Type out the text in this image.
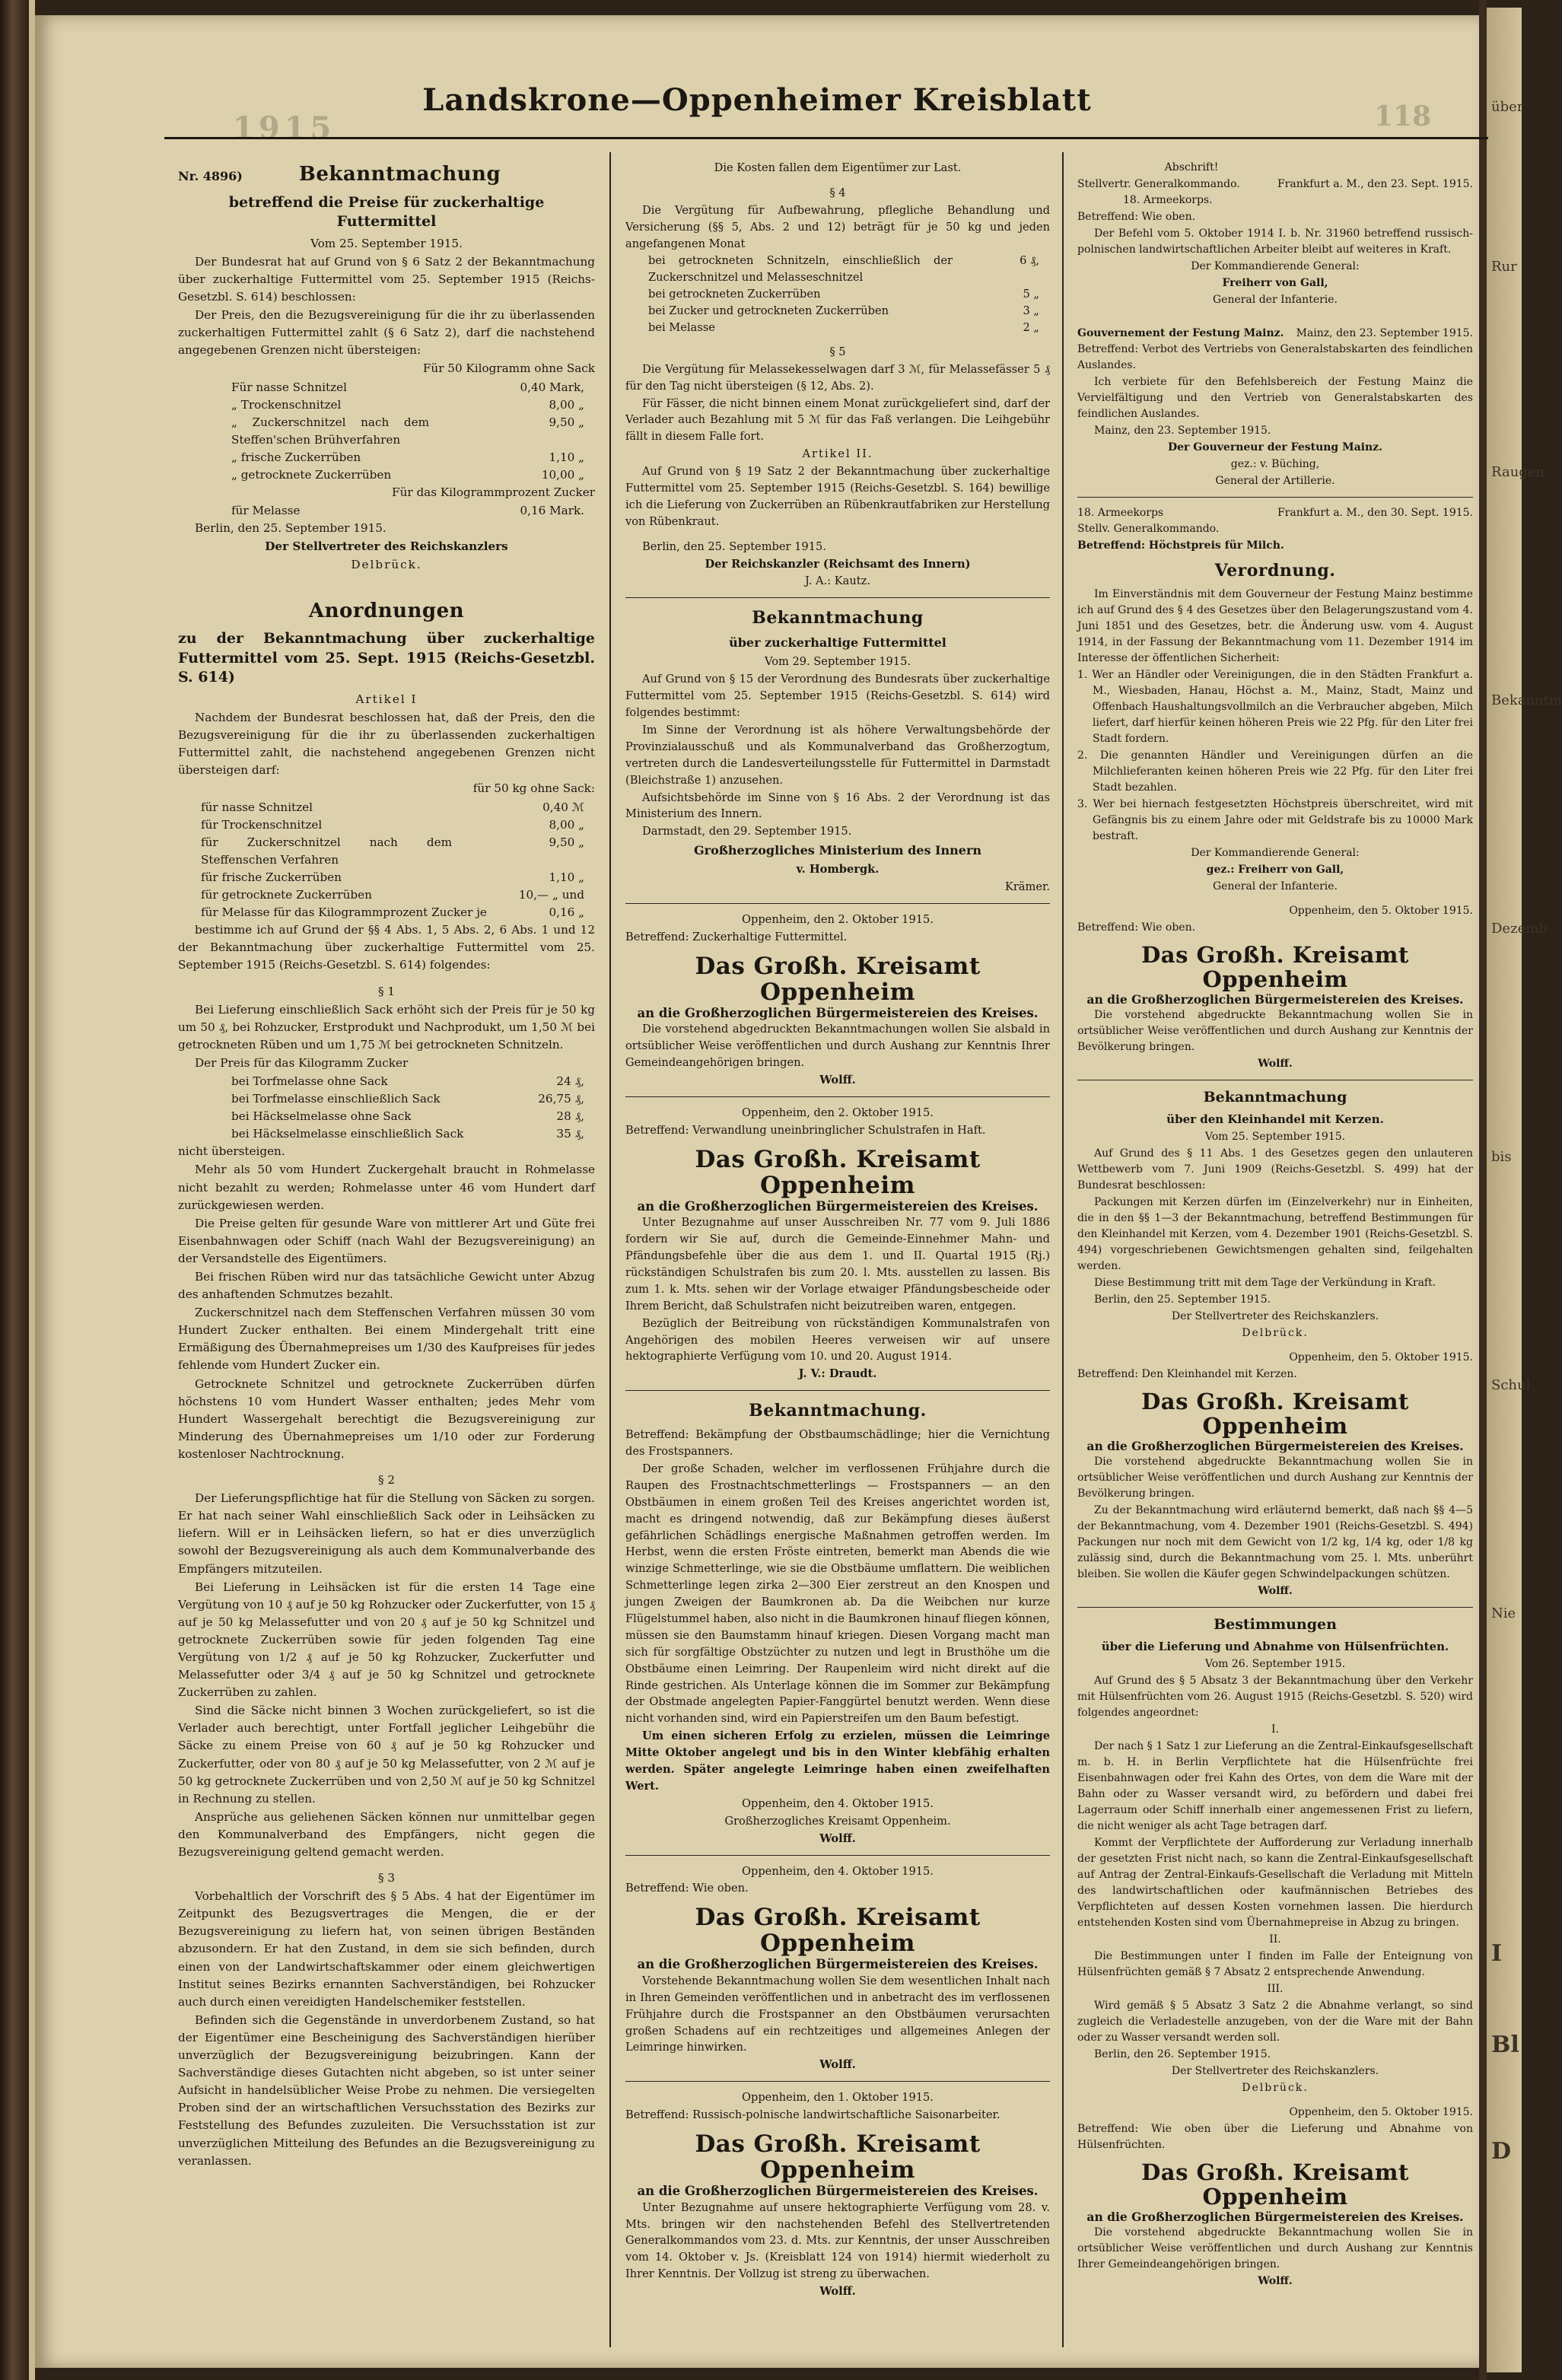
über
Rur
Raugen
Bekanntm
Dezemb
bis
Schul
Nie
I
Bl
D
1915	118
Landskrone—Oppenheimer Kreisblatt
Nr. 4896)	Bekanntmachung
betreffend die Preise für zuckerhaltige Futtermittel

Vom 25. September 1915.

Der Bundesrat hat auf Grund von § 6 Satz 2 der Bekanntmachung über zuckerhaltige Futtermittel vom 25. September 1915 (Reichs-Gesetzbl. S. 614) beschlossen:

Der Preis, den die Bezugsvereinigung für die ihr zu überlassenden zuckerhaltigen Futtermittel zahlt (§ 6 Satz 2), darf die nachstehend angegebenen Grenzen nicht übersteigen:

Für 50 Kilogramm ohne Sack

Für nasse Schnitzel	0,40 Mark,
„ Trockenschnitzel	8,00 „
„ Zuckerschnitzel nach dem Steffen'schen Brühverfahren
9,50 „
„ frische Zuckerrüben	1,10 „
„ getrocknete Zuckerrüben	10,00 „

Für das Kilogrammprozent Zucker

für Melasse	0,16 Mark.

Berlin, den 25. September 1915.

Der Stellvertreter des Reichskanzlers

Delbrück.

Anordnungen
zu der Bekanntmachung über zuckerhaltige Futtermittel vom 25. Sept. 1915 (Reichs-Gesetzbl. S. 614)

Artikel I

Nachdem der Bundesrat beschlossen hat, daß der Preis, den die Bezugsvereinigung für die ihr zu überlassenden zuckerhaltigen Futtermittel zahlt, die nachstehend angegebenen Grenzen nicht übersteigen darf:

für 50 kg ohne Sack:

für nasse Schnitzel	0,40 ℳ
für Trockenschnitzel	8,00 „
für Zuckerschnitzel nach dem Steffenschen Verfahren
9,50 „
für frische Zuckerrüben	1,10 „
für getrocknete Zuckerrüben	10,— „ und
für Melasse für das Kilogrammprozent Zucker je	0,16 „

bestimme ich auf Grund der §§ 4 Abs. 1, 5 Abs. 2, 6 Abs. 1 und 12 der Bekanntmachung über zuckerhaltige Futtermittel vom 25. September 1915 (Reichs-Gesetzbl. S. 614) folgendes:

§ 1

Bei Lieferung einschließlich Sack erhöht sich der Preis für je 50 kg um 50 ₰, bei Rohzucker, Erstprodukt und Nachprodukt, um 1,50 ℳ bei getrockneten Rüben und um 1,75 ℳ bei getrockneten Schnitzeln.

Der Preis für das Kilogramm Zucker

bei Torfmelasse ohne Sack	24 ₰,
bei Torfmelasse einschließlich Sack	26,75 ₰,
bei Häckselmelasse ohne Sack	28 ₰,
bei Häckselmelasse einschließlich Sack	35 ₰,

nicht übersteigen.

Mehr als 50 vom Hundert Zuckergehalt braucht in Rohmelasse nicht bezahlt zu werden; Rohmelasse unter 46 vom Hundert darf zurückgewiesen werden.

Die Preise gelten für gesunde Ware von mittlerer Art und Güte frei Eisenbahnwagen oder Schiff (nach Wahl der Bezugsvereinigung) an der Versandstelle des Eigentümers.

Bei frischen Rüben wird nur das tatsächliche Gewicht unter Abzug des anhaftenden Schmutzes bezahlt.

Zuckerschnitzel nach dem Steffenschen Verfahren müssen 30 vom Hundert Zucker enthalten. Bei einem Mindergehalt tritt eine Ermäßigung des Übernahmepreises um 1/30 des Kaufpreises für jedes fehlende vom Hundert Zucker ein.

Getrocknete Schnitzel und getrocknete Zuckerrüben dürfen höchstens 10 vom Hundert Wasser enthalten; jedes Mehr vom Hundert Wassergehalt berechtigt die Bezugsvereinigung zur Minderung des Übernahmepreises um 1/10 oder zur Forderung kostenloser Nachtrocknung.

§ 2

Der Lieferungspflichtige hat für die Stellung von Säcken zu sorgen. Er hat nach seiner Wahl einschließlich Sack oder in Leihsäcken zu liefern. Will er in Leihsäcken liefern, so hat er dies unverzüglich sowohl der Bezugsvereinigung als auch dem Kommunalverbande des Empfängers mitzuteilen.

Bei Lieferung in Leihsäcken ist für die ersten 14 Tage eine Vergütung von 10 ₰ auf je 50 kg Rohzucker oder Zuckerfutter, von 15 ₰ auf je 50 kg Melassefutter und von 20 ₰ auf je 50 kg Schnitzel und getrocknete Zuckerrüben sowie für jeden folgenden Tag eine Vergütung von 1/2 ₰ auf je 50 kg Rohzucker, Zuckerfutter und Melassefutter oder 3/4 ₰ auf je 50 kg Schnitzel und getrocknete Zuckerrüben zu zahlen.

Sind die Säcke nicht binnen 3 Wochen zurückgeliefert, so ist die Verlader auch berechtigt, unter Fortfall jeglicher Leihgebühr die Säcke zu einem Preise von 60 ₰ auf je 50 kg Rohzucker und Zuckerfutter, oder von 80 ₰ auf je 50 kg Melassefutter, von 2 ℳ auf je 50 kg getrocknete Zuckerrüben und von 2,50 ℳ auf je 50 kg Schnitzel in Rechnung zu stellen.

Ansprüche aus geliehenen Säcken können nur unmittelbar gegen den Kommunalverband des Empfängers, nicht gegen die Bezugsvereinigung geltend gemacht werden.

§ 3

Vorbehaltlich der Vorschrift des § 5 Abs. 4 hat der Eigentümer im Zeitpunkt des Bezugsvertrages die Mengen, die er der Bezugsvereinigung zu liefern hat, von seinen übrigen Beständen abzusondern. Er hat den Zustand, in dem sie sich befinden, durch einen von der Landwirtschaftskammer oder einem gleichwertigen Institut seines Bezirks ernannten Sachverständigen, bei Rohzucker auch durch einen vereidigten Handelschemiker feststellen.

Befinden sich die Gegenstände in unverdorbenem Zustand, so hat der Eigentümer eine Bescheinigung des Sachverständigen hierüber unverzüglich der Bezugsvereinigung beizubringen. Kann der Sachverständige dieses Gutachten nicht abgeben, so ist unter seiner Aufsicht in handelsüblicher Weise Probe zu nehmen. Die versiegelten Proben sind der an wirtschaftlichen Versuchsstation des Bezirks zur Feststellung des Befundes zuzuleiten. Die Versuchsstation ist zur unverzüglichen Mitteilung des Befundes an die Bezugsvereinigung zu veranlassen.

Die Kosten fallen dem Eigentümer zur Last.

§ 4

Die Vergütung für Aufbewahrung, pflegliche Behandlung und Versicherung (§§ 5, Abs. 2 und 12) beträgt für je 50 kg und jeden angefangenen Monat

bei getrockneten Schnitzeln, einschließlich der Zuckerschnitzel und Melasseschnitzel
6 ₰,
bei getrockneten Zuckerrüben	5 „
bei Zucker und getrockneten Zuckerrüben	3 „
bei Melasse	2 „

§ 5

Die Vergütung für Melassekesselwagen darf 3 ℳ, für Melassefässer 5 ₰ für den Tag nicht übersteigen (§ 12, Abs. 2).

Für Fässer, die nicht binnen einem Monat zurückgeliefert sind, darf der Verlader auch Bezahlung mit 5 ℳ für das Faß verlangen. Die Leihgebühr fällt in diesem Falle fort.

Artikel II.

Auf Grund von § 19 Satz 2 der Bekanntmachung über zuckerhaltige Futtermittel vom 25. September 1915 (Reichs-Gesetzbl. S. 164) bewillige ich die Lieferung von Zuckerrüben an Rübenkrautfabriken zur Herstellung von Rübenkraut.

Berlin, den 25. September 1915.

Der Reichskanzler (Reichsamt des Innern)

J. A.: Kautz.

Bekanntmachung
über zuckerhaltige Futtermittel

Vom 29. September 1915.

Auf Grund von § 15 der Verordnung des Bundesrats über zuckerhaltige Futtermittel vom 25. September 1915 (Reichs-Gesetzbl. S. 614) wird folgendes bestimmt:

Im Sinne der Verordnung ist als höhere Verwaltungsbehörde der Provinzialausschuß und als Kommunalverband das Großherzogtum, vertreten durch die Landesverteilungsstelle für Futtermittel in Darmstadt (Bleichstraße 1) anzusehen.

Aufsichtsbehörde im Sinne von § 16 Abs. 2 der Verordnung ist das Ministerium des Innern.

Darmstadt, den 29. September 1915.

Großherzogliches Ministerium des Innern

v. Hombergk.

Krämer.

Oppenheim, den 2. Oktober 1915.

Betreffend: Zuckerhaltige Futtermittel.

Das Großh. Kreisamt Oppenheim
an die Großherzoglichen Bürgermeistereien des Kreises.

Die vorstehend abgedruckten Bekanntmachungen wollen Sie alsbald in ortsüblicher Weise veröffentlichen und durch Aushang zur Kenntnis Ihrer Gemeindeangehörigen bringen.

Wolff.

Oppenheim, den 2. Oktober 1915.

Betreffend: Verwandlung uneinbringlicher Schulstrafen in Haft.

Das Großh. Kreisamt Oppenheim
an die Großherzoglichen Bürgermeistereien des Kreises.

Unter Bezugnahme auf unser Ausschreiben Nr. 77 vom 9. Juli 1886 fordern wir Sie auf, durch die Gemeinde-Einnehmer Mahn- und Pfändungsbefehle über die aus dem 1. und II. Quartal 1915 (Rj.) rückständigen Schulstrafen bis zum 20. l. Mts. ausstellen zu lassen. Bis zum 1. k. Mts. sehen wir der Vorlage etwaiger Pfändungsbescheide oder Ihrem Bericht, daß Schulstrafen nicht beizutreiben waren, entgegen.

Bezüglich der Beitreibung von rückständigen Kommunalstrafen von Angehörigen des mobilen Heeres verweisen wir auf unsere hektographierte Verfügung vom 10. und 20. August 1914.

J. V.: Draudt.

Bekanntmachung.

Betreffend: Bekämpfung der Obstbaumschädlinge; hier die Vernichtung des Frostspanners.

Der große Schaden, welcher im verflossenen Frühjahre durch die Raupen des Frostnachtschmetterlings — Frostspanners — an den Obstbäumen in einem großen Teil des Kreises angerichtet worden ist, macht es dringend notwendig, daß zur Bekämpfung dieses äußerst gefährlichen Schädlings energische Maßnahmen getroffen werden. Im Herbst, wenn die ersten Fröste eintreten, bemerkt man Abends die wie winzige Schmetterlinge, wie sie die Obstbäume umflattern. Die weiblichen Schmetterlinge legen zirka 2—300 Eier zerstreut an den Knospen und jungen Zweigen der Baumkronen ab. Da die Weibchen nur kurze Flügelstummel haben, also nicht in die Baumkronen hinauf fliegen können, müssen sie den Baumstamm hinauf kriegen. Diesen Vorgang macht man sich für sorgfältige Obstzüchter zu nutzen und legt in Brusthöhe um die Obstbäume einen Leimring. Der Raupenleim wird nicht direkt auf die Rinde gestrichen. Als Unterlage können die im Sommer zur Bekämpfung der Obstmade angelegten Papier-Fanggürtel benutzt werden. Wenn diese nicht vorhanden sind, wird ein Papierstreifen um den Baum befestigt.

Um einen sicheren Erfolg zu erzielen, müssen die Leimringe Mitte Oktober angelegt und bis in den Winter klebfähig erhalten werden. Später angelegte Leimringe haben einen zweifelhaften Wert.

Oppenheim, den 4. Oktober 1915.

Großherzogliches Kreisamt Oppenheim.

Wolff.

Oppenheim, den 4. Oktober 1915.

Betreffend: Wie oben.

Das Großh. Kreisamt Oppenheim
an die Großherzoglichen Bürgermeistereien des Kreises.

Vorstehende Bekanntmachung wollen Sie dem wesentlichen Inhalt nach in Ihren Gemeinden veröffentlichen und in anbetracht des im verflossenen Frühjahre durch die Frostspanner an den Obstbäumen verursachten großen Schadens auf ein rechtzeitiges und allgemeines Anlegen der Leimringe hinwirken.

Wolff.

Oppenheim, den 1. Oktober 1915.

Betreffend: Russisch-polnische landwirtschaftliche Saisonarbeiter.

Das Großh. Kreisamt Oppenheim
an die Großherzoglichen Bürgermeistereien des Kreises.

Unter Bezugnahme auf unsere hektographierte Verfügung vom 28. v. Mts. bringen wir den nachstehenden Befehl des Stellvertretenden Generalkommandos vom 23. d. Mts. zur Kenntnis, der unser Ausschreiben vom 14. Oktober v. Js. (Kreisblatt 124 von 1914) hiermit wiederholt zu Ihrer Kenntnis. Der Vollzug ist streng zu überwachen.

Wolff.

Abschrift!

Stellvertr. Generalkommando.	Frankfurt a. M., den 23. Sept. 1915.

18. Armeekorps.

Betreffend: Wie oben.

Der Befehl vom 5. Oktober 1914 I. b. Nr. 31960 betreffend russisch-polnischen landwirtschaftlichen Arbeiter bleibt auf weiteres in Kraft.

Der Kommandierende General:

Freiherr von Gall,

General der Infanterie.

Gouvernement der Festung Mainz. Mainz, den 23. September 1915.

Betreffend: Verbot des Vertriebs von Generalstabskarten des feindlichen Auslandes.

Ich verbiete für den Befehlsbereich der Festung Mainz die Vervielfältigung und den Vertrieb von Generalstabskarten des feindlichen Auslandes.

Mainz, den 23. September 1915.

Der Gouverneur der Festung Mainz.

gez.: v. Büching,

General der Artillerie.

18. Armeekorps	Frankfurt a. M., den 30. Sept. 1915.

Stellv. Generalkommando.

Betreffend: Höchstpreis für Milch.

Verordnung.

Im Einverständnis mit dem Gouverneur der Festung Mainz bestimme ich auf Grund des § 4 des Gesetzes über den Belagerungszustand vom 4. Juni 1851 und des Gesetzes, betr. die Änderung usw. vom 4. August 1914, in der Fassung der Bekanntmachung vom 11. Dezember 1914 im Interesse der öffentlichen Sicherheit:

1. Wer an Händler oder Vereinigungen, die in den Städten Frankfurt a. M., Wiesbaden, Hanau, Höchst a. M., Mainz, Stadt, Mainz und Offenbach Haushaltungsvollmilch an die Verbraucher abgeben, Milch liefert, darf hierfür keinen höheren Preis wie 22 Pfg. für den Liter frei Stadt fordern.

2. Die genannten Händler und Vereinigungen dürfen an die Milchlieferanten keinen höheren Preis wie 22 Pfg. für den Liter frei Stadt bezahlen.

3. Wer bei hiernach festgesetzten Höchstpreis überschreitet, wird mit Gefängnis bis zu einem Jahre oder mit Geldstrafe bis zu 10000 Mark bestraft.

Der Kommandierende General:

gez.: Freiherr von Gall,

General der Infanterie.

Oppenheim, den 5. Oktober 1915.

Betreffend: Wie oben.

Das Großh. Kreisamt Oppenheim
an die Großherzoglichen Bürgermeistereien des Kreises.

Die vorstehend abgedruckte Bekanntmachung wollen Sie in ortsüblicher Weise veröffentlichen und durch Aushang zur Kenntnis der Bevölkerung bringen.

Wolff.

Bekanntmachung
über den Kleinhandel mit Kerzen.

Vom 25. September 1915.

Auf Grund des § 11 Abs. 1 des Gesetzes gegen den unlauteren Wettbewerb vom 7. Juni 1909 (Reichs-Gesetzbl. S. 499) hat der Bundesrat beschlossen:

Packungen mit Kerzen dürfen im (Einzelverkehr) nur in Einheiten, die in den §§ 1—3 der Bekanntmachung, betreffend Bestimmungen für den Kleinhandel mit Kerzen, vom 4. Dezember 1901 (Reichs-Gesetzbl. S. 494) vorgeschriebenen Gewichtsmengen gehalten sind, feilgehalten werden.

Diese Bestimmung tritt mit dem Tage der Verkündung in Kraft.

Berlin, den 25. September 1915.

Der Stellvertreter des Reichskanzlers.

Delbrück.

Oppenheim, den 5. Oktober 1915.

Betreffend: Den Kleinhandel mit Kerzen.

Das Großh. Kreisamt Oppenheim
an die Großherzoglichen Bürgermeistereien des Kreises.

Die vorstehend abgedruckte Bekanntmachung wollen Sie in ortsüblicher Weise veröffentlichen und durch Aushang zur Kenntnis der Bevölkerung bringen.

Zu der Bekanntmachung wird erläuternd bemerkt, daß nach §§ 4—5 der Bekanntmachung, vom 4. Dezember 1901 (Reichs-Gesetzbl. S. 494) Packungen nur noch mit dem Gewicht von 1/2 kg, 1/4 kg, oder 1/8 kg zulässig sind, durch die Bekanntmachung vom 25. l. Mts. unberührt bleiben. Sie wollen die Käufer gegen Schwindelpackungen schützen.

Wolff.

Bestimmungen
über die Lieferung und Abnahme von Hülsenfrüchten.

Vom 26. September 1915.

Auf Grund des § 5 Absatz 3 der Bekanntmachung über den Verkehr mit Hülsenfrüchten vom 26. August 1915 (Reichs-Gesetzbl. S. 520) wird folgendes angeordnet:

I.

Der nach § 1 Satz 1 zur Lieferung an die Zentral-Einkaufsgesellschaft m. b. H. in Berlin Verpflichtete hat die Hülsenfrüchte frei Eisenbahnwagen oder frei Kahn des Ortes, von dem die Ware mit der Bahn oder zu Wasser versandt wird, zu befördern und dabei frei Lagerraum oder Schiff innerhalb einer angemessenen Frist zu liefern, die nicht weniger als acht Tage betragen darf.

Kommt der Verpflichtete der Aufforderung zur Verladung innerhalb der gesetzten Frist nicht nach, so kann die Zentral-Einkaufsgesellschaft auf Antrag der Zentral-Einkaufs-Gesellschaft die Verladung mit Mitteln des landwirtschaftlichen oder kaufmännischen Betriebes des Verpflichteten auf dessen Kosten vornehmen lassen. Die hierdurch entstehenden Kosten sind vom Übernahmepreise in Abzug zu bringen.

II.

Die Bestimmungen unter I finden im Falle der Enteignung von Hülsenfrüchten gemäß § 7 Absatz 2 entsprechende Anwendung.

III.

Wird gemäß § 5 Absatz 3 Satz 2 die Abnahme verlangt, so sind zugleich die Verladestelle anzugeben, von der die Ware mit der Bahn oder zu Wasser versandt werden soll.

Berlin, den 26. September 1915.

Der Stellvertreter des Reichskanzlers.

Delbrück.

Oppenheim, den 5. Oktober 1915.

Betreffend: Wie oben über die Lieferung und Abnahme von Hülsenfrüchten.

Das Großh. Kreisamt Oppenheim
an die Großherzoglichen Bürgermeistereien des Kreises.

Die vorstehend abgedruckte Bekanntmachung wollen Sie in ortsüblicher Weise veröffentlichen und durch Aushang zur Kenntnis Ihrer Gemeindeangehörigen bringen.

Wolff.
